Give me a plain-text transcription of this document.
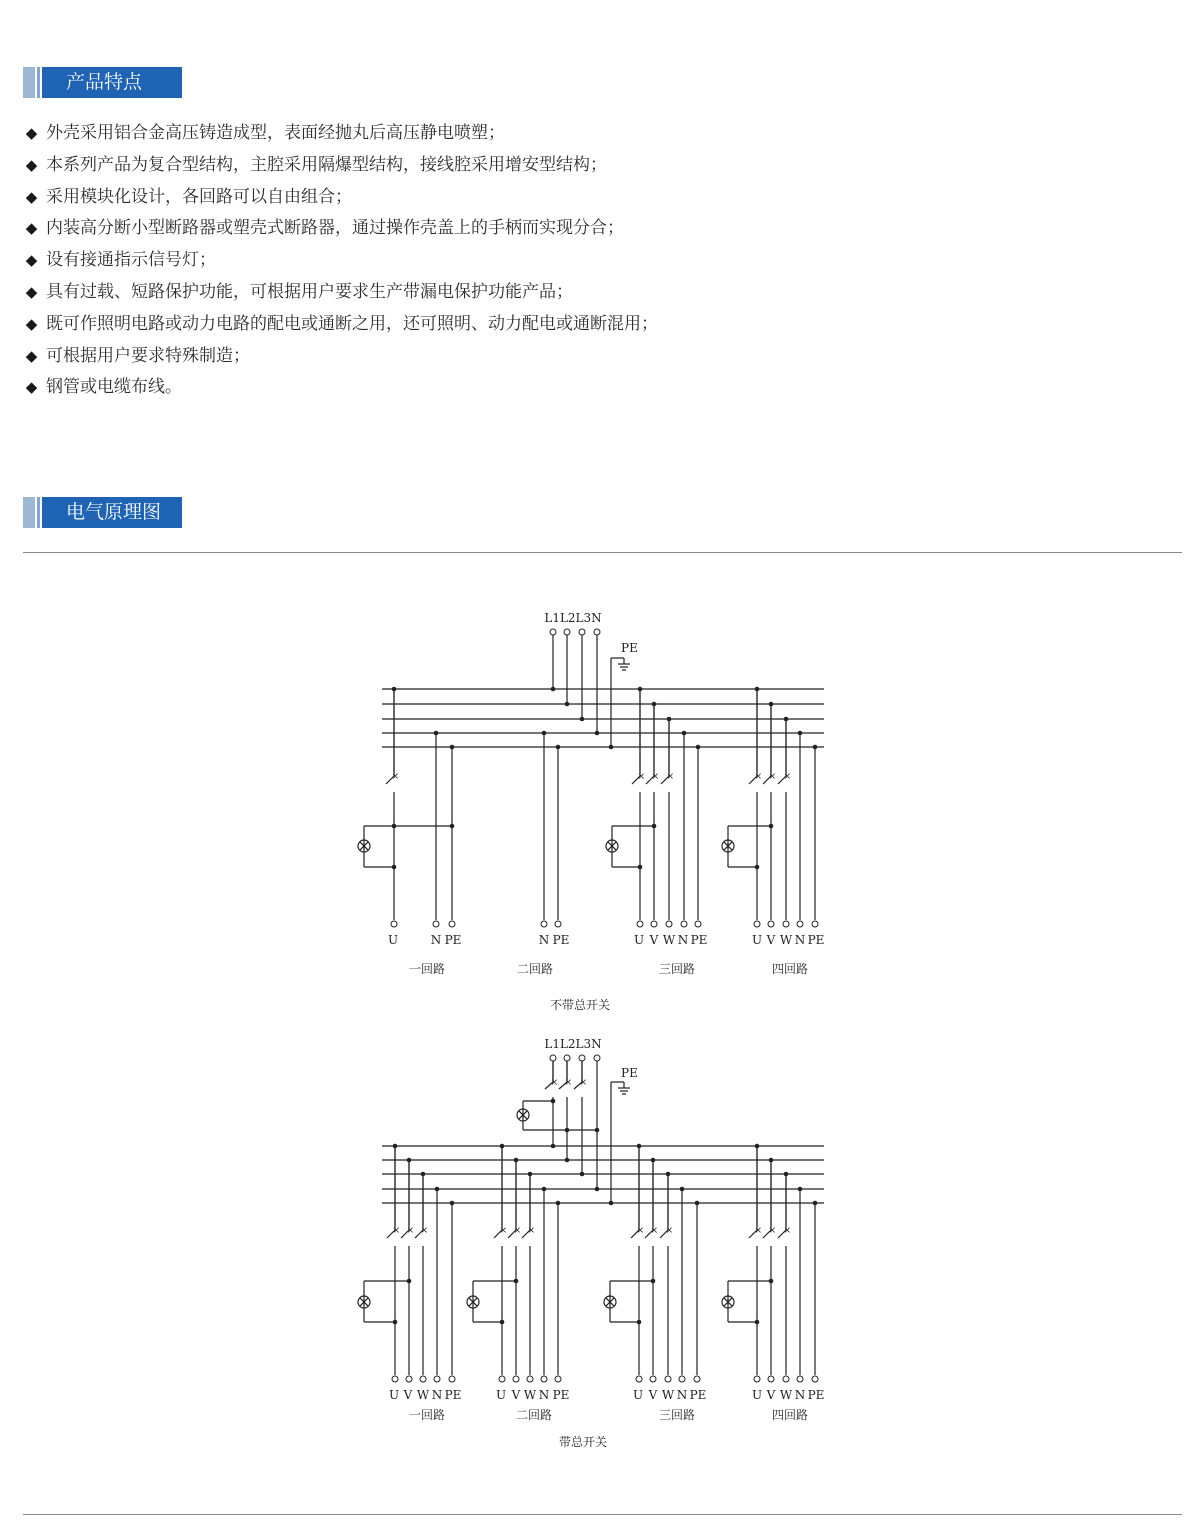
产品特点
◆ 外壳采用铝合金高压铸造成型，表面经抛丸后高压静电喷塑；
◆ 本系列产品为复合型结构，主腔采用隔爆型结构，接线腔采用增安型结构；
◆ 采用模块化设计，各回路可以自由组合；
◆ 内装高分断小型断路器或塑壳式断路器，通过操作壳盖上的手柄而实现分合；
◆ 设有接通指示信号灯；
◆ 具有过载、短路保护功能，可根据用户要求生产带漏电保护功能产品；
◆ 既可作照明电路或动力电路的配电或通断之用，还可照明、动力配电或通断混用；
◆ 可根据用户要求特殊制造；
◆ 钢管或电缆布线。
电气原理图
×	× × ×	× × ×
× × ×
× × ×	× × ×	× × ×	× × ×
L1L2L3N
PE
U	N PE	N PE	U V W N PE	U V W N PE
一回路	二回路	三回路	四回路
不带总开关
L1L2L3N
PE
U V W N PE	U V W N PE	U V W N PE	U V W N PE
一回路	二回路	三回路	四回路
带总开关
